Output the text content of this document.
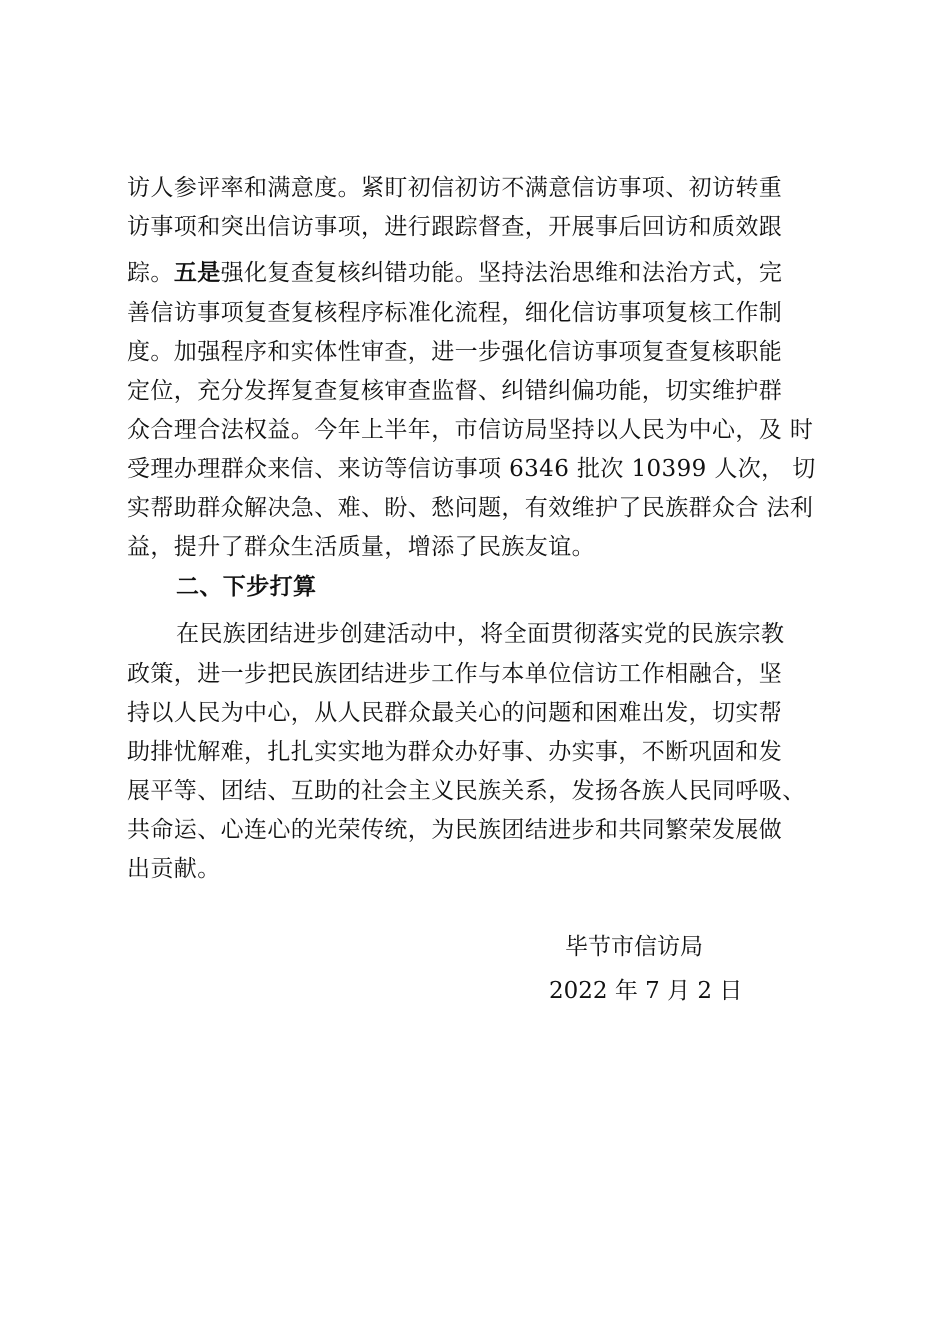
访人参评率和满意度。紧盯初信初访不满意信访事项、初访转重
访事项和突出信访事项，进行跟踪督查，开展事后回访和质效跟
踪。五是强化复查复核纠错功能。坚持法治思维和法治方式，完
善信访事项复查复核程序标准化流程，细化信访事项复核工作制
度。加强程序和实体性审查，进一步强化信访事项复查复核职能
定位，充分发挥复查复核审查监督、纠错纠偏功能，切实维护群
众合理合法权益。今年上半年，市信访局坚持以人民为中心，及 时
受理办理群众来信、来访等信访事项 6346 批次 10399 人次， 切
实帮助群众解决急、难、盼、愁问题，有效维护了民族群众合 法利
益，提升了群众生活质量，增添了民族友谊。
二、下步打算
在民族团结进步创建活动中，将全面贯彻落实党的民族宗教
政策，进一步把民族团结进步工作与本单位信访工作相融合，坚
持以人民为中心，从人民群众最关心的问题和困难出发，切实帮
助排忧解难，扎扎实实地为群众办好事、办实事，不断巩固和发
展平等、团结、互助的社会主义民族关系，发扬各族人民同呼吸、
共命运、心连心的光荣传统，为民族团结进步和共同繁荣发展做
出贡献。
毕节市信访局
2022 年 7 月 2 日
